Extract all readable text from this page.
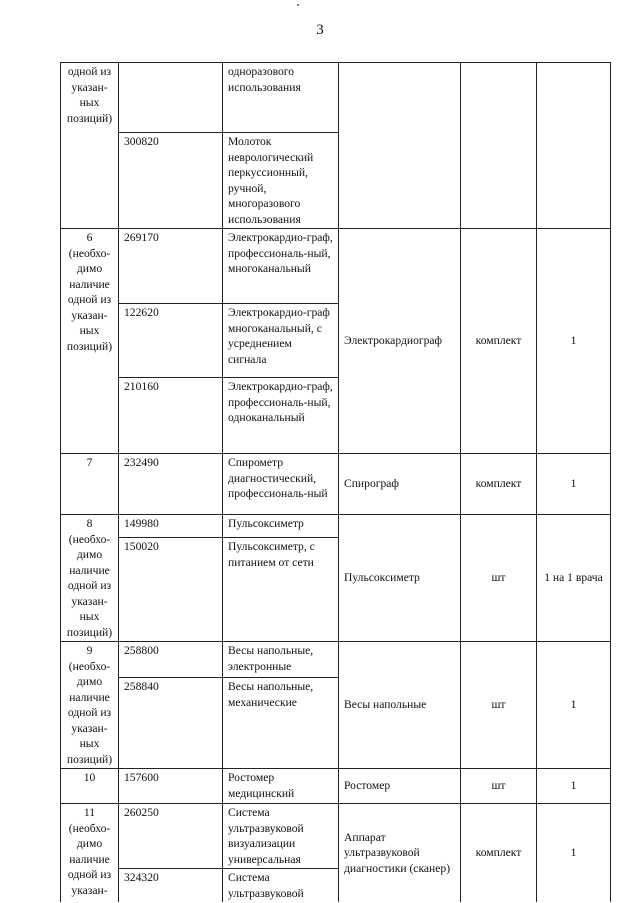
3
одной из указан-ных позиций)		одноразового использования			
	300820	Молоток неврологический перкуссионный, ручной, многоразового использования			
6 (необхо-димо наличие одной из указан-ных позиций)	269170	Электрокардио-граф, профессиональ-ный, многоканальный	Электрокардиограф	комплект	1
	122620	Электрокардио-граф многоканальный, с усреднением сигнала			
	210160	Электрокардио-граф, профессиональ-ный, одноканальный			
7	232490	Спирометр диагностический, профессиональ-ный	Спирограф	комплект	1
8 (необхо-димо наличие одной из указан-ных позиций)	149980	Пульсоксиметр	Пульсоксиметр	шт	1 на 1 врача
	150020	Пульсоксиметр, с питанием от сети			
9 (необхо-димо наличие одной из указан-ных позиций)	258800	Весы напольные, электронные	Весы напольные	шт	1
	258840	Весы напольные, механические			
10	157600	Ростомер медицинский	Ростомер	шт	1
11 (необхо-димо наличие одной из указан-	260250	Система ультразвуковой визуализации универсальная	Аппарат ультразвуковой диагностики (сканер)	комплект	1
	324320	Система ультразвуковой			
